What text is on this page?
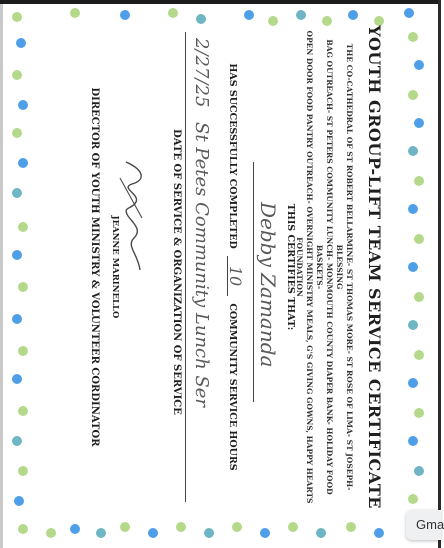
YOUTH GROUP-LIFT TEAM SERVICE CERTIFICATE
THE CO-CATHEDRAL OF ST ROBERT BELLARMINE- ST THOMAS MORE- ST ROSE OF LIMA- ST JOSEPH- BLESSING
BAG OUTREACH- ST PETERS COMMUNITY LUNCH- MONMOUTH COUNTY DIAPER BANK- HOLIDAY FOOD BASKETS-
OPEN DOOR FOOD PANTRY OUTREACH- OVERNIGHT MINISTRY MEALS, G'S GIVING GOWNS, HAPPY HEARTS
FOUNDATION
THIS CERTIFIES THAT:
Debby Zamanda
HAS SUCCESSFULLY COMPLETED 10 COMMUNITY SERVICE HOURS
2/27/25
St Petes Community Lunch Ser
DATE OF SERVICE & ORGANIZATION OF SERVICE
JEANNE MARINELLO
DIRECTOR OF YOUTH MINISTRY & VOLUNTEER CORDINATOR
Gma
